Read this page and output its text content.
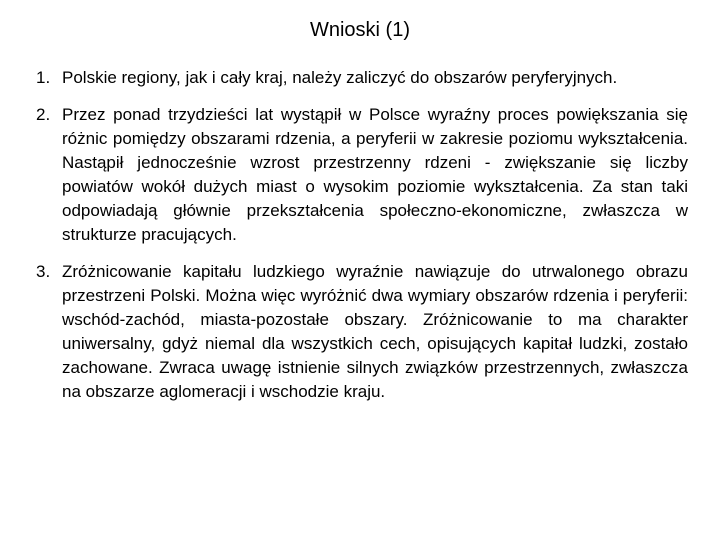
Wnioski (1)
1. Polskie regiony, jak i cały kraj, należy zaliczyć do obszarów peryferyjnych.
2. Przez ponad trzydzieści lat wystąpił w Polsce wyraźny proces powiększania się różnic pomiędzy obszarami rdzenia, a peryferii w zakresie poziomu wykształcenia. Nastąpił jednocześnie wzrost przestrzenny rdzeni - zwiększanie się liczby powiatów wokół dużych miast o wysokim poziomie wykształcenia. Za stan taki odpowiadają głównie przekształcenia społeczno-ekonomiczne, zwłaszcza w strukturze pracujących.
3. Zróżnicowanie kapitału ludzkiego wyraźnie nawiązuje do utrwalonego obrazu przestrzeni Polski. Można więc wyróżnić dwa wymiary obszarów rdzenia i peryferii: wschód-zachód, miasta-pozostałe obszary. Zróżnicowanie to ma charakter uniwersalny, gdyż niemal dla wszystkich cech, opisujących kapitał ludzki, zostało zachowane. Zwraca uwagę istnienie silnych związków przestrzennych, zwłaszcza na obszarze aglomeracji i wschodzie kraju.
